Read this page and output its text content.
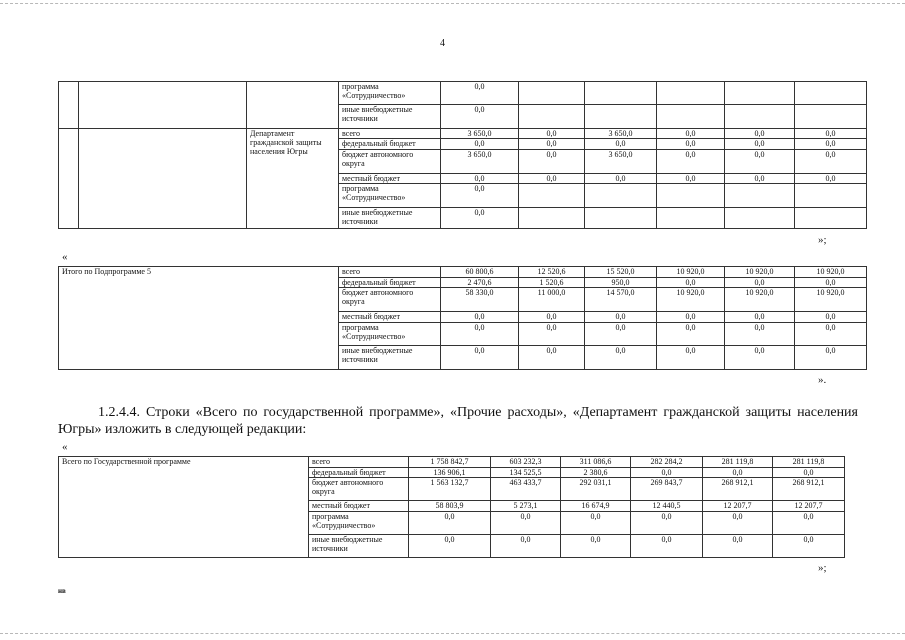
4
			программа «Сотрудничество»	0,0					
			иные внебюджетные источники	0,0					
		Департамент гражданской защиты населения Югры	всего	3 650,0	0,0	3 650,0	0,0	0,0	0,0
			федеральный бюджет	0,0	0,0	0,0	0,0	0,0	0,0
			бюджет автономного округа	3 650,0	0,0	3 650,0	0,0	0,0	0,0
			местный бюджет	0,0	0,0	0,0	0,0	0,0	0,0
			программа «Сотрудничество»	0,0					
			иные внебюджетные источники	0,0					
»;
«
Итого по Подпрограмме 5	всего	60 800,6	12 520,6	15 520,0	10 920,0	10 920,0	10 920,0
	федеральный бюджет	2 470,6	1 520,6	950,0	0,0	0,0	0,0
	бюджет автономного округа	58 330,0	11 000,0	14 570,0	10 920,0	10 920,0	10 920,0
	местный бюджет	0,0	0,0	0,0	0,0	0,0	0,0
	программа «Сотрудничество»	0,0	0,0	0,0	0,0	0,0	0,0
	иные внебюджетные источники	0,0	0,0	0,0	0,0	0,0	0,0
».
1.2.4.4. Строки «Всего по государственной программе», «Прочие расходы», «Департамент гражданской защиты населения Югры» изложить в следующей редакции:
«
Всего по Государственной программе	всего	1 758 842,7	603 232,3	311 086,6	282 284,2	281 119,8	281 119,8
	федеральный бюджет	136 906,1	134 525,5	2 380,6	0,0	0,0	0,0
	бюджет автономного округа	1 563 132,7	463 433,7	292 031,1	269 843,7	268 912,1	268 912,1
	местный бюджет	58 803,9	5 273,1	16 674,9	12 440,5	12 207,7	12 207,7
	программа «Сотрудничество»	0,0	0,0	0,0	0,0	0,0	0,0
	иные внебюджетные источники	0,0	0,0	0,0	0,0	0,0	0,0
»;
нв
